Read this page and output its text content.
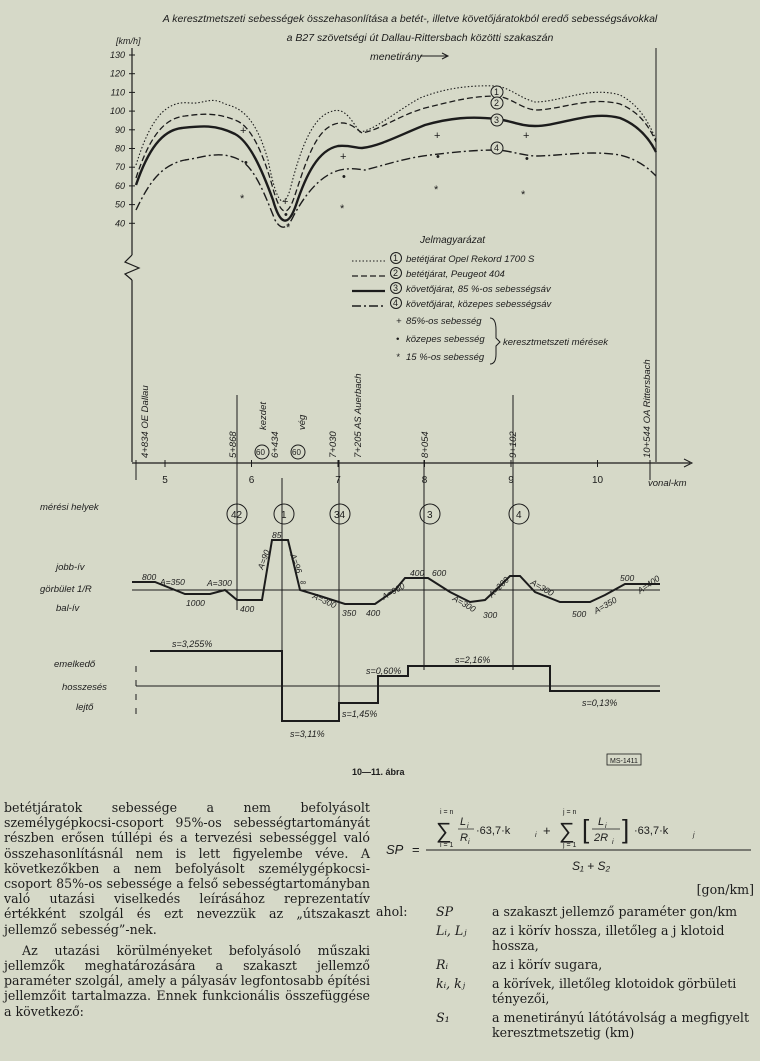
A keresztmetszeti sebességek összehasonlítása a betét-, illetve követőjáratokból eredő sebességsávokkal
a B27 szövetségi út Dallau-Rittersbach közötti szakaszán
menetirány
[km/h]
130
120
110
100
90
80
70
60
50
40
1
2
3
4
+
•
*	+
•
*
+
•
*
+
•
*
+
•
*
Jelmagyarázat
1
2
3
4
betétjárat Opel Rekord 1700 S
betétjárat, Peugeot 404
követőjárat, 85 %-os sebességsáv
követőjárat, közepes sebességsáv
+ 85%-os sebesség
• közepes sebesség
* 15 %-os sebesség
keresztmetszeti mérések
4+834 OE Dallau	5+868
kezdet
6+434
vég
7+030 7+205 AS Auerbach	8+054	9+102	10+544 OA Rittersbach
60	60
5	6	7	8	9	10	vonal-km
mérési helyek
42	1	34	3	4
jobb-ív
görbület 1/R
bal-ív
800 A=350	A=300
1000
400
A=90
85
A=96
∞
A=300
350 400
A=960
600
400
A=300
300
A=200 A=300
500 A=350
500 A=400
emelkedő
hosszesés
lejtő
s=3,255%
s=3,11%
s=1,45%
s=0,60%
s=2,16%
s=0,13%
10—11. ábra
MS-1411

betétjáratok sebessége a nem befolyásolt személygépkocsi-csoport 95%-os sebességtartományát részben erősen túllépi és a tervezési sebességgel való összehasonlításnál nem is lett figyelembe véve. A következőkben a nem befolyásolt személygépkocsi-csoport 85%-os sebessége a felső sebességtartományban való utazási viselkedés leírásához reprezentatív értékként szolgál és ezt nevezzük az „útszakaszt jellemző sebesség”-nek.

Az utazási körülményeket befolyásoló műszaki jellemzők meghatározására a szakaszt jellemző paraméter szolgál, amely a pályasáv legfontosabb építési jellemzőit tartalmazza. Ennek funkcionális összefüggése a következő:

SP =
i = n
∑
i = 1
L i
R i
·63,7·k	i +
j = n
∑
j = 1
[ L i
2R i ] ·63,7·k	j
S₁ + S₂
[gon/km]
ahol:	SP	a szakaszt jellemző paraméter gon/km
Lᵢ, Lⱼ az i körív hossza, illetőleg a j klotoid hossza,
Rᵢ	az i körív sugara,
kᵢ, kⱼ a körívek, illetőleg klotoidok görbületi tényezői,
S₁	a menetirányú látótávolság a megfigyelt keresztmetszetig (km)
